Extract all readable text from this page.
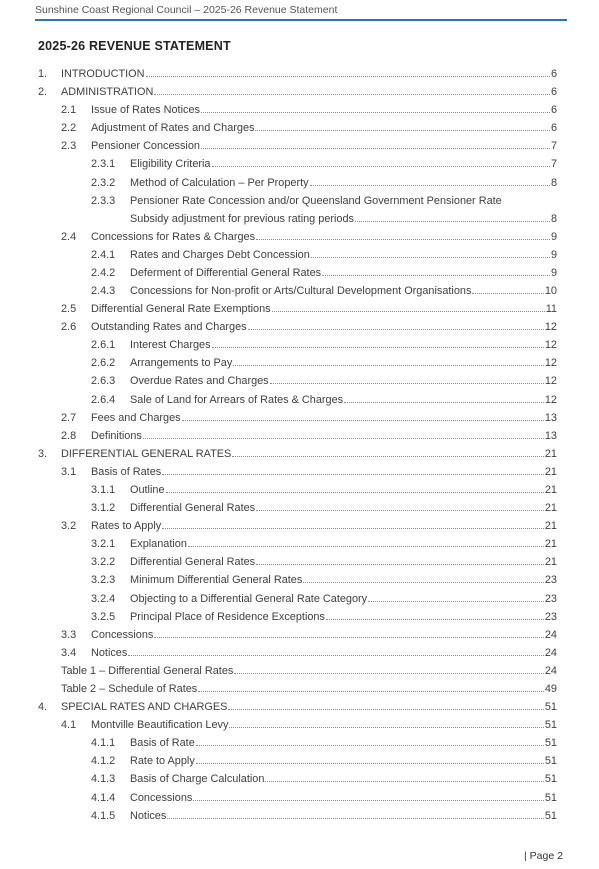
Sunshine Coast Regional Council – 2025-26 Revenue Statement
2025-26 REVENUE STATEMENT
1. INTRODUCTION	6
2. ADMINISTRATION	6
2.1 Issue of Rates Notices	6
2.2 Adjustment of Rates and Charges	6
2.3 Pensioner Concession	7
2.3.1 Eligibility Criteria	7
2.3.2 Method of Calculation – Per Property	8
2.3.3 Pensioner Rate Concession and/or Queensland Government Pensioner Rate
Subsidy adjustment for previous rating periods	8
2.4 Concessions for Rates & Charges	9
2.4.1 Rates and Charges Debt Concession	9
2.4.2 Deferment of Differential General Rates	9
2.4.3 Concessions for Non-profit or Arts/Cultural Development Organisations	10
2.5 Differential General Rate Exemptions	11
2.6 Outstanding Rates and Charges	12
2.6.1 Interest Charges	12
2.6.2 Arrangements to Pay	12
2.6.3 Overdue Rates and Charges	12
2.6.4 Sale of Land for Arrears of Rates & Charges	12
2.7 Fees and Charges	13
2.8 Definitions	13
3. DIFFERENTIAL GENERAL RATES	21
3.1 Basis of Rates	21
3.1.1 Outline	21
3.1.2 Differential General Rates	21
3.2 Rates to Apply	21
3.2.1 Explanation	21
3.2.2 Differential General Rates	21
3.2.3 Minimum Differential General Rates	23
3.2.4 Objecting to a Differential General Rate Category	23
3.2.5 Principal Place of Residence Exceptions	23
3.3 Concessions	24
3.4 Notices	24
Table 1 – Differential General Rates	24
Table 2 – Schedule of Rates	49
4. SPECIAL RATES AND CHARGES	51
4.1 Montville Beautification Levy	51
4.1.1 Basis of Rate	51
4.1.2 Rate to Apply	51
4.1.3 Basis of Charge Calculation	51
4.1.4 Concessions	51
4.1.5 Notices	51
| Page 2
